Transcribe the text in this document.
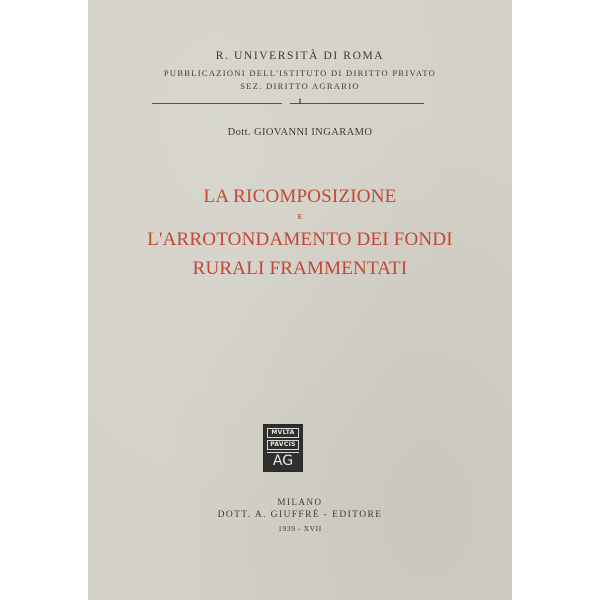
R. UNIVERSITÀ DI ROMA
PUBBLICAZIONI DELL'ISTITUTO DI DIRITTO PRIVATO
SEZ. DIRITTO AGRARIO
1
Dott. GIOVANNI INGARAMO
LA RICOMPOSIZIONE
E
L'ARROTONDAMENTO DEI FONDI
RURALI FRAMMENTATI
MVLTA
PAVCIS
AG
MILANO
DOTT. A. GIUFFRÈ - EDITORE
1939 - XVII
